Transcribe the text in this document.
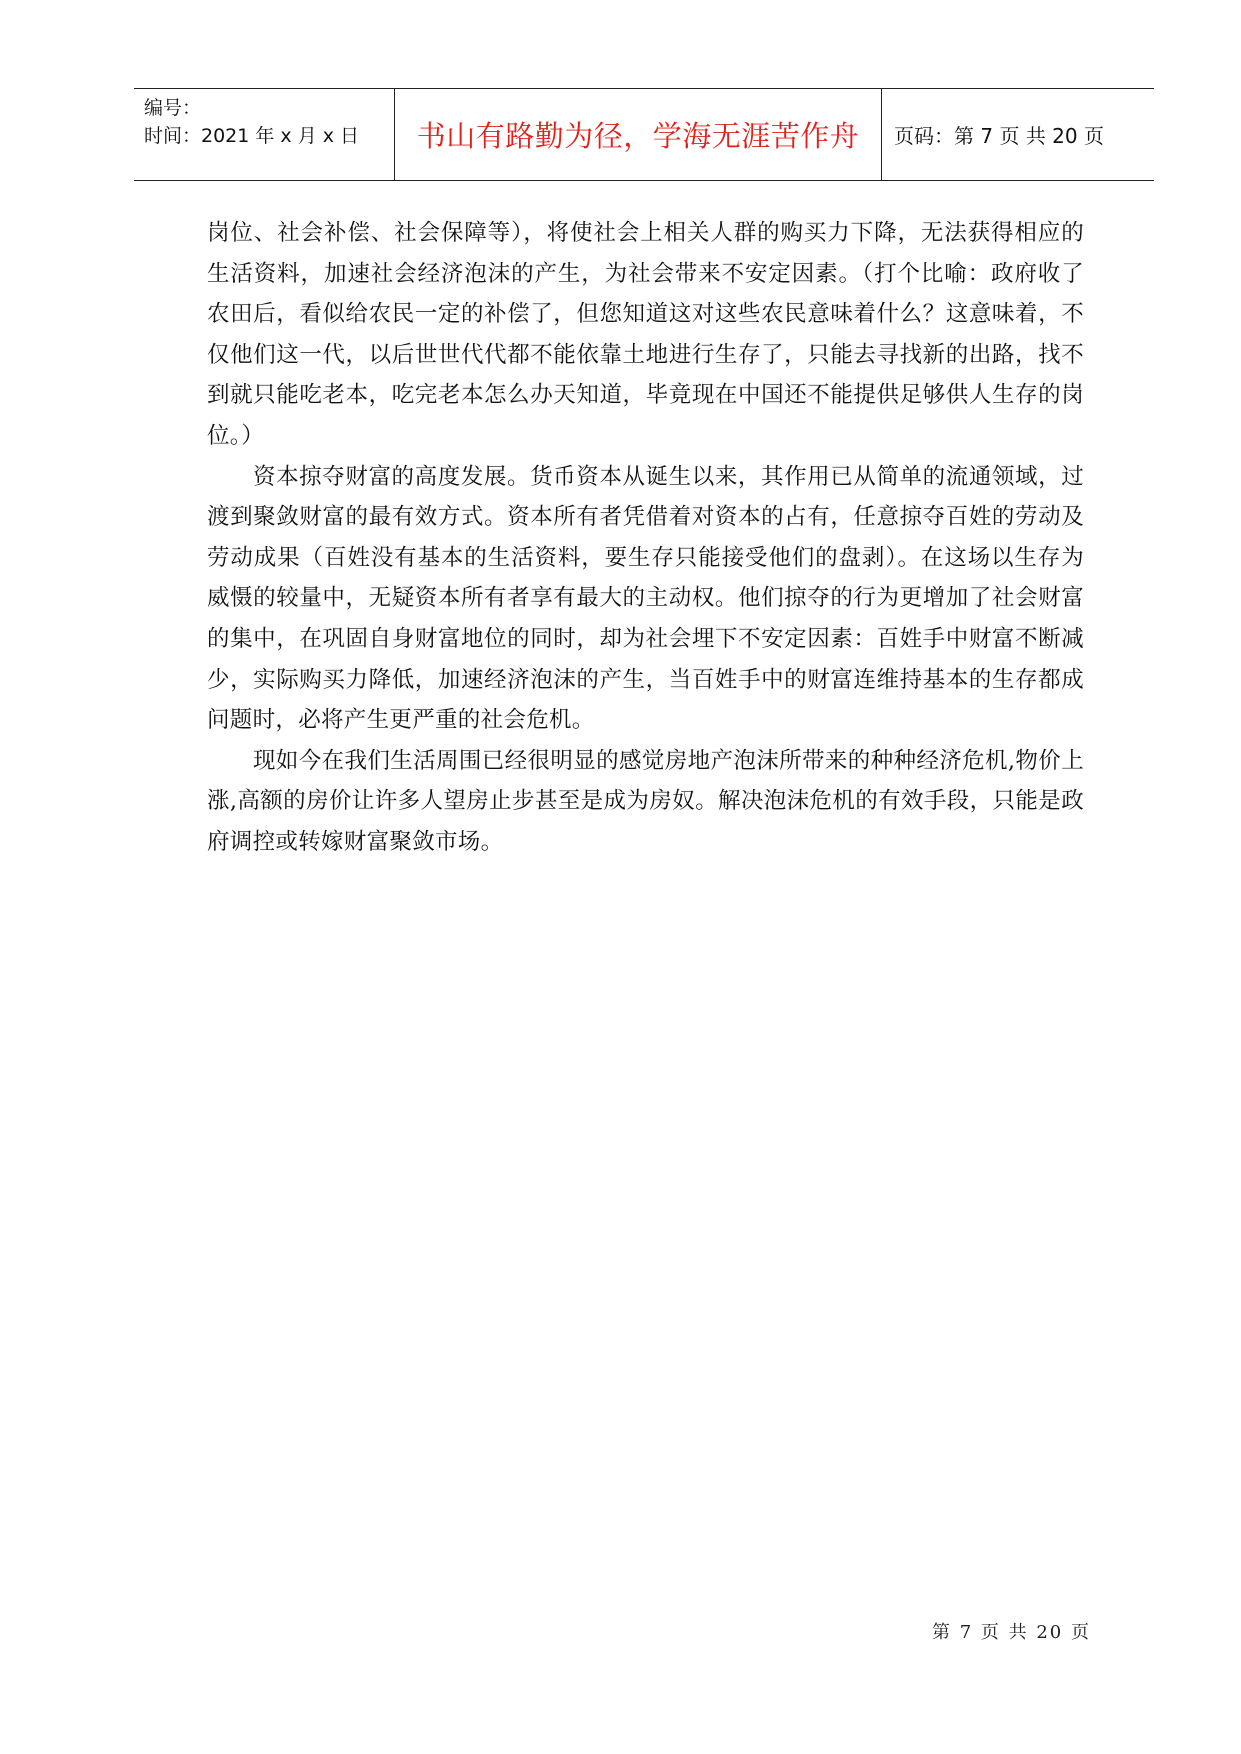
编号：
时间：2021 年 x 月 x 日 书山有路勤为径，学海无涯苦作舟 页码：第 7 页 共 20 页

岗位、社会补偿、社会保障等），将使社会上相关人群的购买力下降，无法获得相应的生活资料，加速社会经济泡沫的产生，为社会带来不安定因素。（打个比喻：政府收了农田后，看似给农民一定的补偿了，但您知道这对这些农民意味着什么？这意味着，不仅他们这一代，以后世世代代都不能依靠土地进行生存了，只能去寻找新的出路，找不到就只能吃老本，吃完老本怎么办天知道，毕竟现在中国还不能提供足够供人生存的岗位。）

资本掠夺财富的高度发展。货币资本从诞生以来，其作用已从简单的流通领域，过渡到聚敛财富的最有效方式。资本所有者凭借着对资本的占有，任意掠夺百姓的劳动及劳动成果（百姓没有基本的生活资料，要生存只能接受他们的盘剥）。在这场以生存为威慑的较量中，无疑资本所有者享有最大的主动权。他们掠夺的行为更增加了社会财富的集中，在巩固自身财富地位的同时，却为社会埋下不安定因素：百姓手中财富不断减少，实际购买力降低，加速经济泡沫的产生，当百姓手中的财富连维持基本的生存都成问题时，必将产生更严重的社会危机。

现如今在我们生活周围已经很明显的感觉房地产泡沫所带来的种种经济危机,物价上涨,高额的房价让许多人望房止步甚至是成为房奴。解决泡沫危机的有效手段，只能是政府调控或转嫁财富聚敛市场。

第 7 页 共 20 页
